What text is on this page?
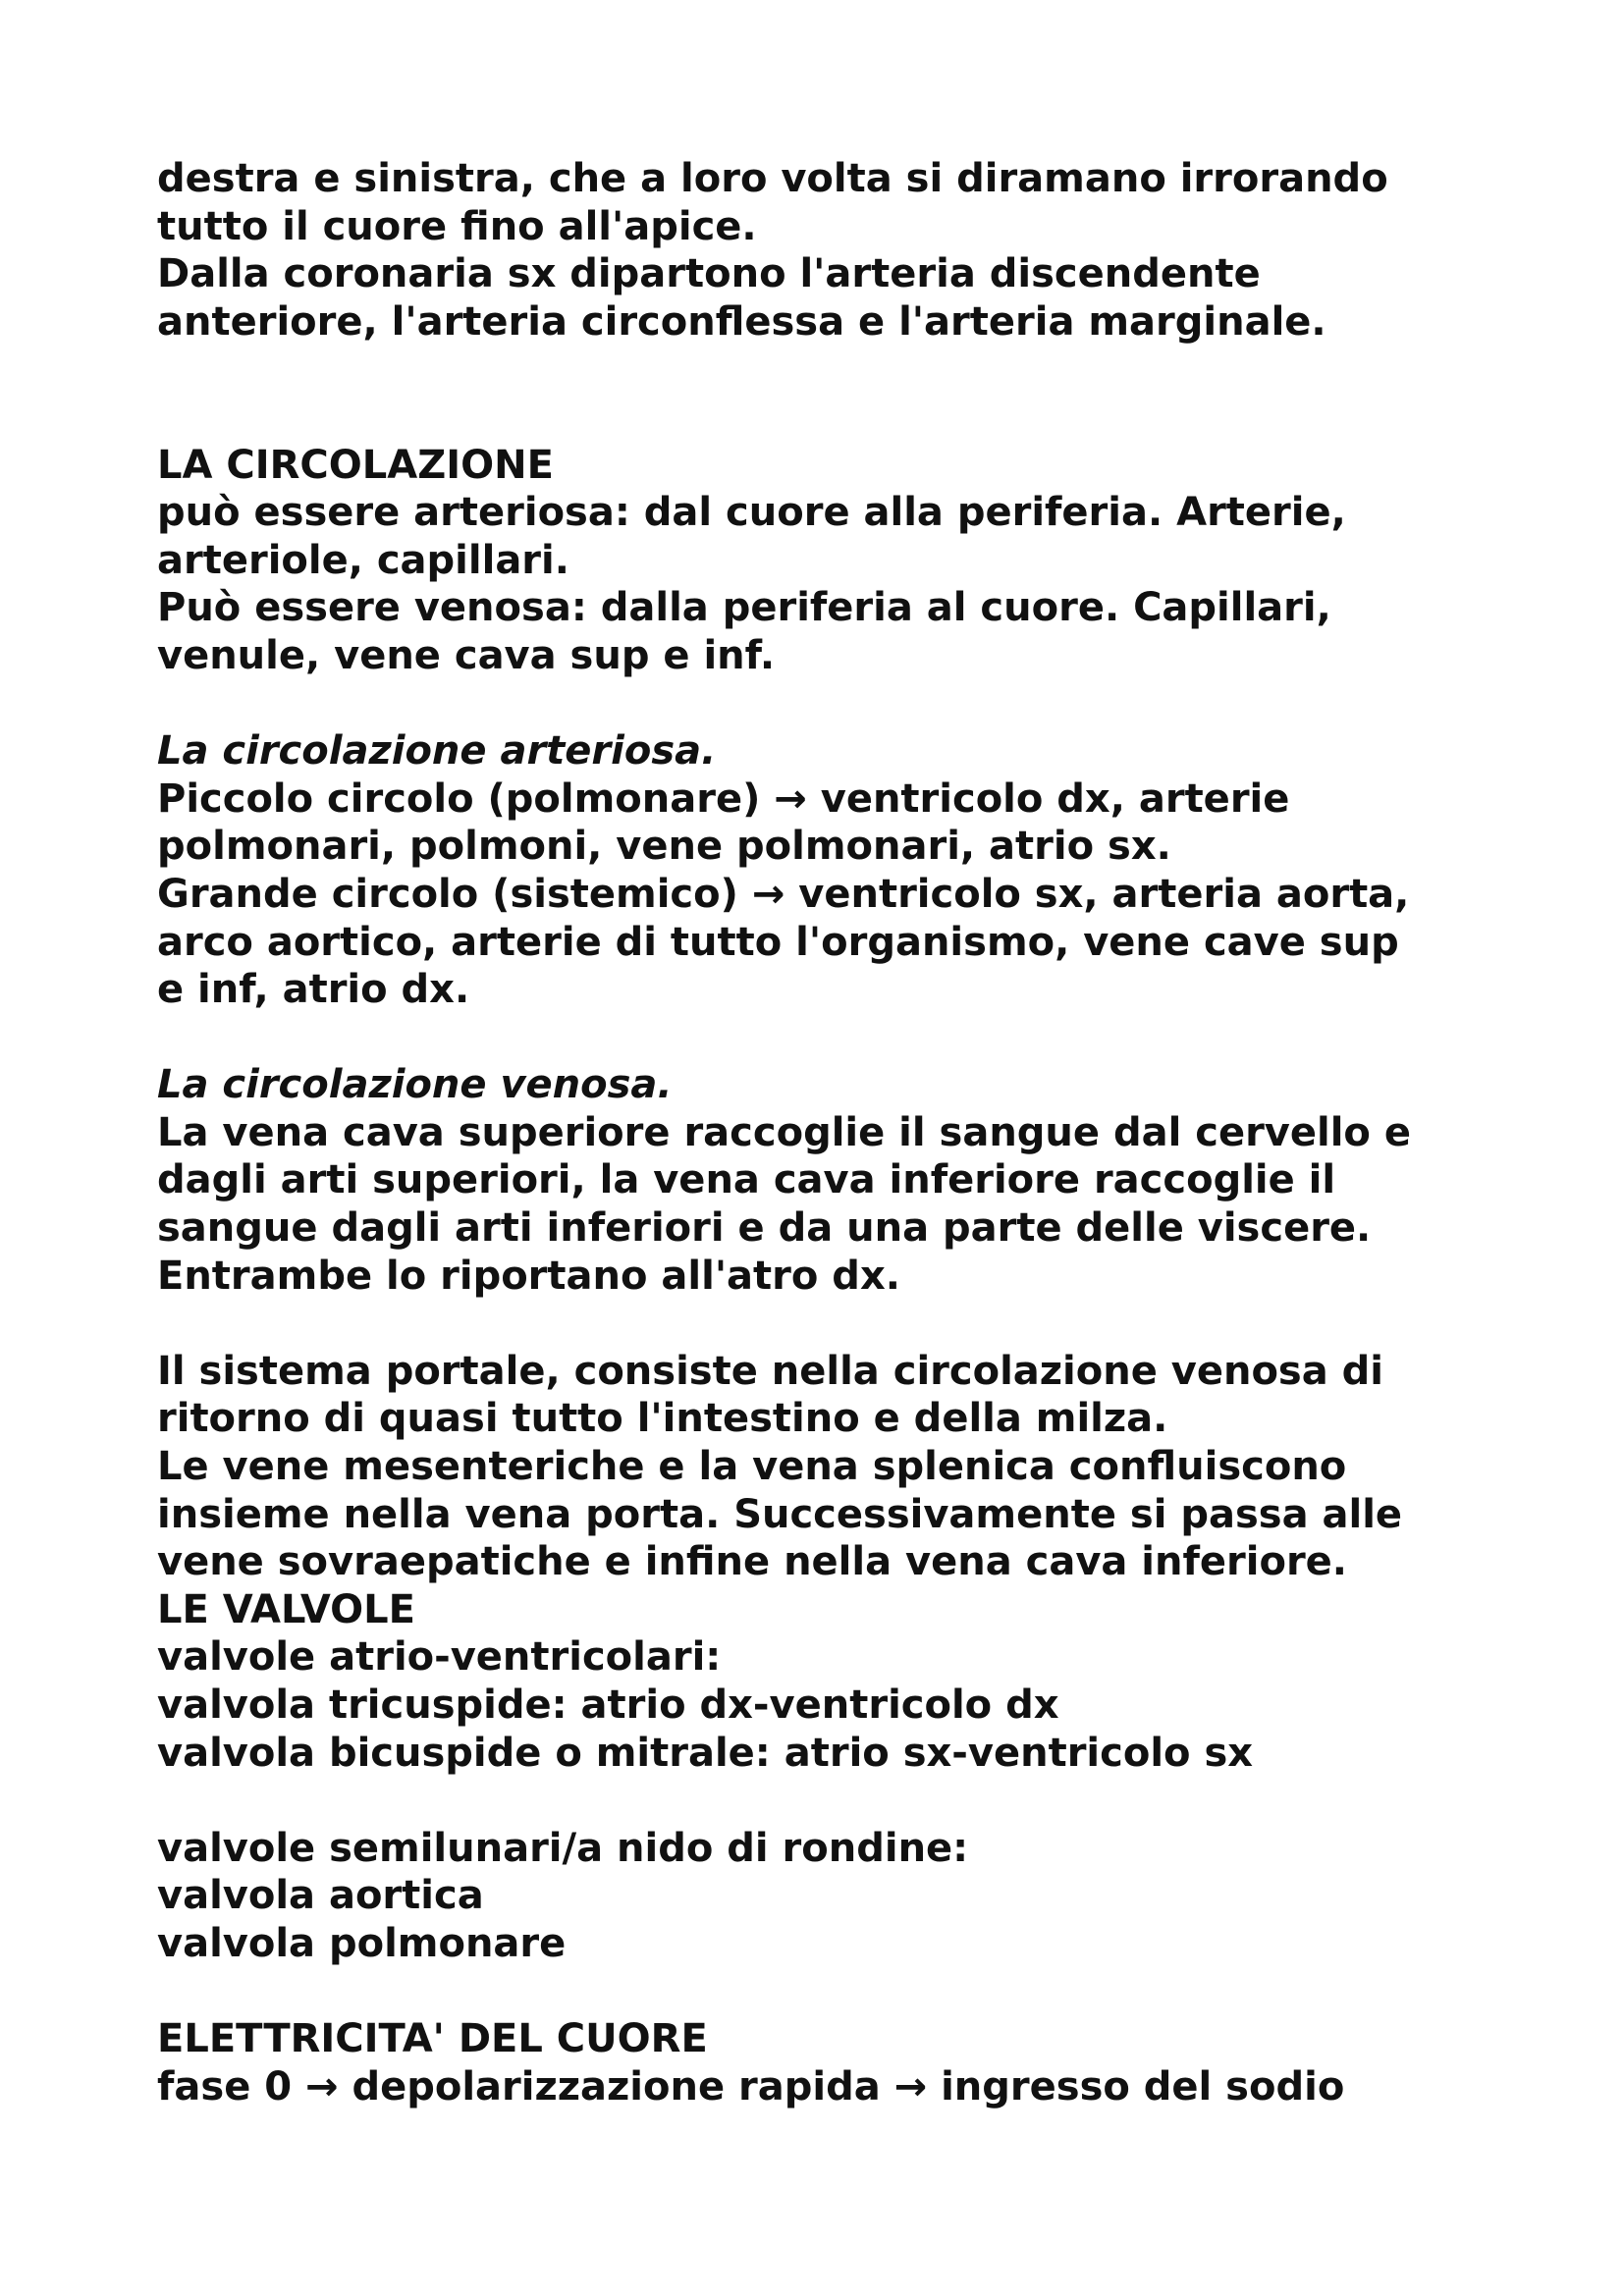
destra e sinistra, che a loro volta si diramano irrorando
tutto il cuore fino all'apice.
Dalla coronaria sx dipartono l'arteria discendente
anteriore, l'arteria circonflessa e l'arteria marginale.
LA CIRCOLAZIONE
può essere arteriosa: dal cuore alla periferia. Arterie,
arteriole, capillari.
Può essere venosa: dalla periferia al cuore. Capillari,
venule, vene cava sup e inf.
La circolazione arteriosa.
Piccolo circolo (polmonare) → ventricolo dx, arterie
polmonari, polmoni, vene polmonari, atrio sx.
Grande circolo (sistemico) → ventricolo sx, arteria aorta,
arco aortico, arterie di tutto l'organismo, vene cave sup
e inf, atrio dx.
La circolazione venosa.
La vena cava superiore raccoglie il sangue dal cervello e
dagli arti superiori, la vena cava inferiore raccoglie il
sangue dagli arti inferiori e da una parte delle viscere.
Entrambe lo riportano all'atro dx.
Il sistema portale, consiste nella circolazione venosa di
ritorno di quasi tutto l'intestino e della milza.
Le vene mesenteriche e la vena splenica confluiscono
insieme nella vena porta. Successivamente si passa alle
vene sovraepatiche e infine nella vena cava inferiore.
LE VALVOLE
valvole atrio-ventricolari:
valvola tricuspide: atrio dx-ventricolo dx
valvola bicuspide o mitrale: atrio sx-ventricolo sx
valvole semilunari/a nido di rondine:
valvola aortica
valvola polmonare
ELETTRICITA' DEL CUORE
fase 0 → depolarizzazione rapida → ingresso del sodio
